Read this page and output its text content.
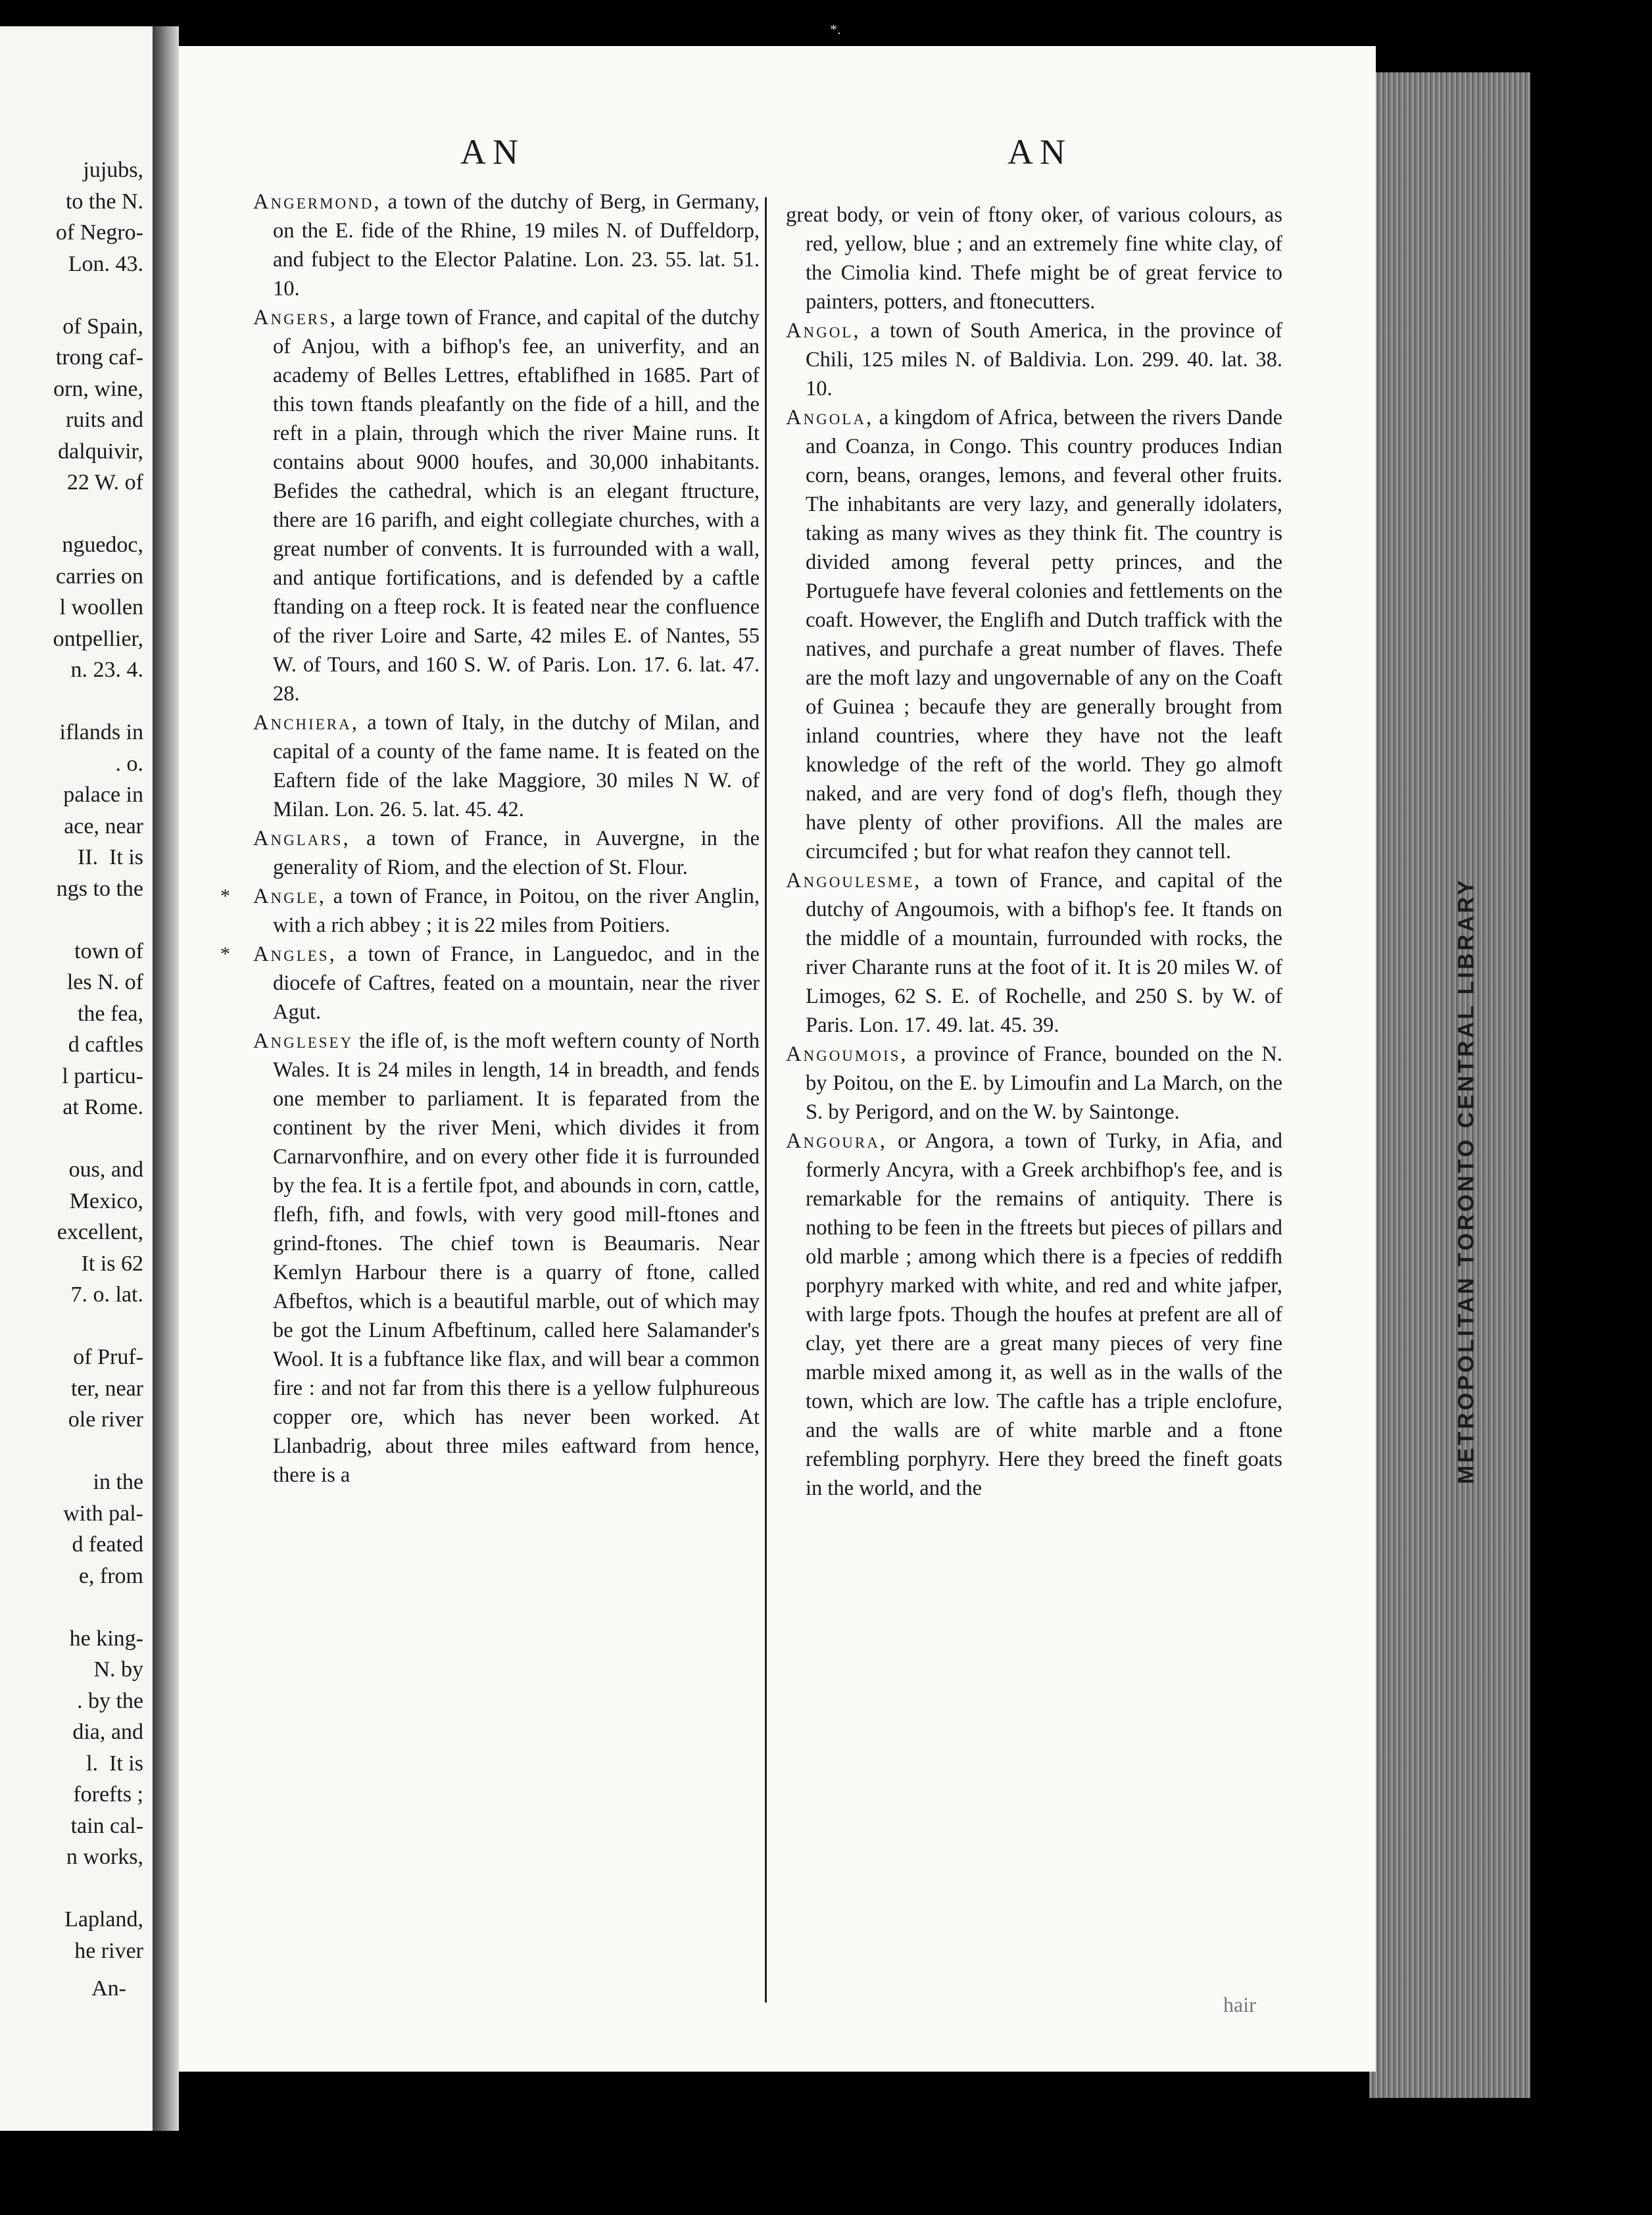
jujubs,
to the N.
of Negro-
Lon. 43.

of Spain,
trong caf-
orn, wine,
ruits and
dalquivir,
22 W. of

nguedoc,
carries on
l woollen
ontpellier,
n. 23. 4.

iflands in
. o.
palace in
ace, near
II.  It is
ngs to the

town of
les N. of
the fea,
d caftles
l particu-
at Rome.

ous, and
Mexico,
excellent,
It is 62
7. o. lat.

of Pruf-
ter, near
ole river

in the
with pal-
d feated
e, from

he king-
N. by
. by the
dia, and
l.  It is
forefts ;
tain cal-
n works,

Lapland,
he river
An-
METROPOLITAN TORONTO CENTRAL LIBRARY
*.
AN	AN

Angermond, a town of the dutchy of Berg, in Germany, on the E. fide of the Rhine, 19 miles N. of Duffeldorp, and fubject to the Elector Palatine. Lon. 23. 55. lat. 51. 10.

Angers, a large town of France, and capital of the dutchy of Anjou, with a bifhop's fee, an univerfity, and an academy of Belles Lettres, eftablifhed in 1685. Part of this town ftands pleafantly on the fide of a hill, and the reft in a plain, through which the river Maine runs. It contains about 9000 houfes, and 30,000 inhabitants. Befides the cathedral, which is an elegant ftructure, there are 16 parifh, and eight collegiate churches, with a great number of convents. It is furrounded with a wall, and antique fortifications, and is defended by a caftle ftanding on a fteep rock. It is feated near the confluence of the river Loire and Sarte, 42 miles E. of Nantes, 55 W. of Tours, and 160 S. W. of Paris. Lon. 17. 6. lat. 47. 28.

Anchiera, a town of Italy, in the dutchy of Milan, and capital of a county of the fame name. It is feated on the Eaftern fide of the lake Maggiore, 30 miles N W. of Milan. Lon. 26. 5. lat. 45. 42.

Anglars, a town of France, in Auvergne, in the generality of Riom, and the election of St. Flour.

Angle, a town of France, in Poitou, on the river Anglin, with a rich abbey ; it is 22 miles from Poitiers.

Angles, a town of France, in Languedoc, and in the diocefe of Caftres, feated on a mountain, near the river Agut.

Anglesey the ifle of, is the moft weftern county of North Wales. It is 24 miles in length, 14 in breadth, and fends one member to parliament. It is feparated from the continent by the river Meni, which divides it from Carnarvonfhire, and on every other fide it is furrounded by the fea. It is a fertile fpot, and abounds in corn, cattle, flefh, fifh, and fowls, with very good mill-ftones and grind-ftones. The chief town is Beaumaris. Near Kemlyn Harbour there is a quarry of ftone, called Afbeftos, which is a beautiful marble, out of which may be got the Linum Afbeftinum, called here Salamander's Wool. It is a fubftance like flax, and will bear a common fire : and not far from this there is a yellow fulphureous copper ore, which has never been worked. At Llanbadrig, about three miles eaftward from hence, there is a

great body, or vein of ftony oker, of various colours, as red, yellow, blue ; and an extremely fine white clay, of the Cimolia kind. Thefe might be of great fervice to painters, potters, and ftonecutters.

Angol, a town of South America, in the province of Chili, 125 miles N. of Baldivia. Lon. 299. 40. lat. 38. 10.

Angola, a kingdom of Africa, between the rivers Dande and Coanza, in Congo. This country produces Indian corn, beans, oranges, lemons, and feveral other fruits. The inhabitants are very lazy, and generally idolaters, taking as many wives as they think fit. The country is divided among feveral petty princes, and the Portuguefe have feveral colonies and fettlements on the coaft. However, the Englifh and Dutch traffick with the natives, and purchafe a great number of flaves. Thefe are the moft lazy and ungovernable of any on the Coaft of Guinea ; becaufe they are generally brought from inland countries, where they have not the leaft knowledge of the reft of the world. They go almoft naked, and are very fond of dog's flefh, though they have plenty of other provifions. All the males are circumcifed ; but for what reafon they cannot tell.

Angoulesme, a town of France, and capital of the dutchy of Angoumois, with a bifhop's fee. It ftands on the middle of a mountain, furrounded with rocks, the river Charante runs at the foot of it. It is 20 miles W. of Limoges, 62 S. E. of Rochelle, and 250 S. by W. of Paris. Lon. 17. 49. lat. 45. 39.

Angoumois, a province of France, bounded on the N. by Poitou, on the E. by Limoufin and La March, on the S. by Perigord, and on the W. by Saintonge.

Angoura, or Angora, a town of Turky, in Afia, and formerly Ancyra, with a Greek archbifhop's fee, and is remarkable for the remains of antiquity. There is nothing to be feen in the ftreets but pieces of pillars and old marble ; among which there is a fpecies of reddifh porphyry marked with white, and red and white jafper, with large fpots. Though the houfes at prefent are all of clay, yet there are a great many pieces of very fine marble mixed among it, as well as in the walls of the town, which are low. The caftle has a triple enclofure, and the walls are of white marble and a ftone refembling porphyry. Here they breed the fineft goats in the world, and the

hair
